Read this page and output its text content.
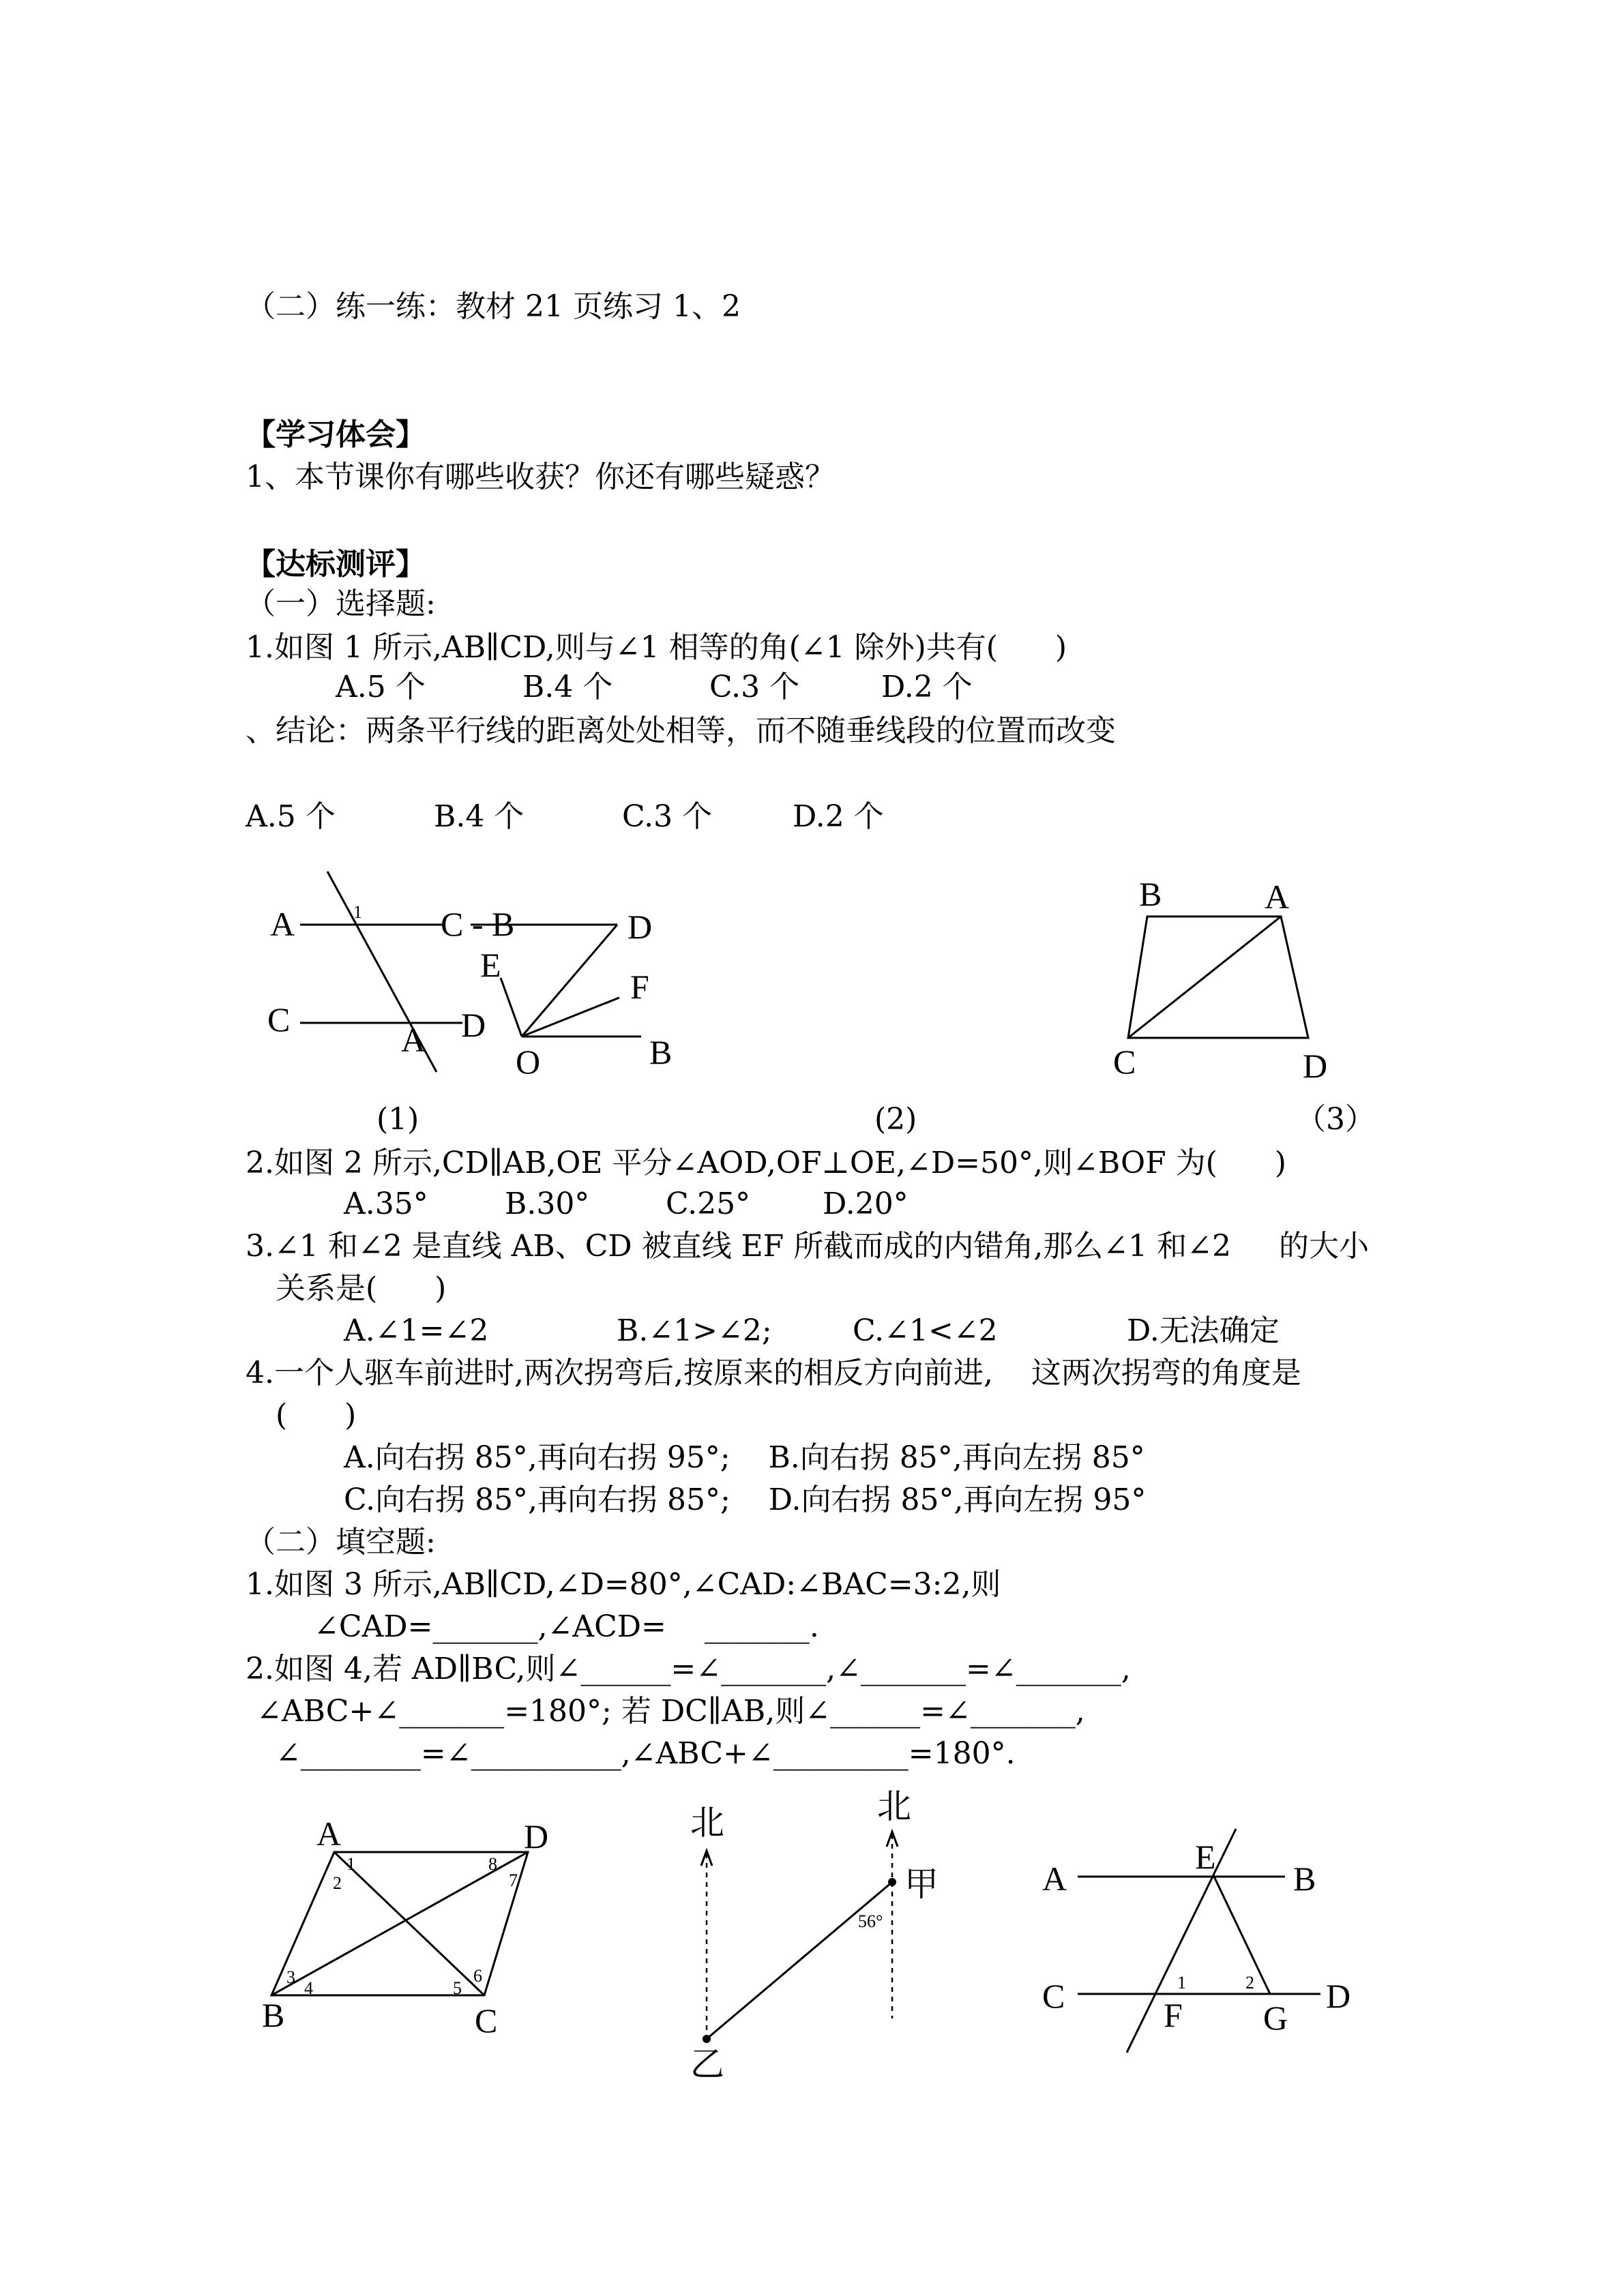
（二）练一练：教材 21 页练习 1、2
【学习体会】
1、本节课你有哪些收获？你还有哪些疑惑？
【达标测评】
（一）选择题:
1.如图 1 所示,AB∥CD,则与∠1 相等的角(∠1 除外)共有(      )
A.5 个	B.4 个	C.3 个	D.2 个
、结论：两条平行线的距离处处相等，而不随垂线段的位置而改变
A.5 个	B.4 个	C.3 个	D.2 个
(1)	(2)	（3）
2.如图 2 所示,CD∥AB,OE 平分∠AOD,OF⊥OE,∠D=50°,则∠BOF 为(      )
A.35°	B.30°	C.25° D.20°
3.∠1 和∠2 是直线 AB、CD 被直线 EF 所截而成的内错角,那么∠1 和∠2     的大小
关系是(      )
A.∠1=∠2	B.∠1>∠2;	C.∠1<∠2	D.无法确定
4.一个人驱车前进时,两次拐弯后,按原来的相反方向前进,    这两次拐弯的角度是
(      )
A.向右拐 85°,再向右拐 95°;    B.向右拐 85°,再向左拐 85°
C.向右拐 85°,再向右拐 85°;    D.向右拐 85°,再向左拐 95°
（二）填空题:
1.如图 3 所示,AB∥CD,∠D=80°,∠CAD:∠BAC=3:2,则
∠CAD=_______,∠ACD=    _______.
2.如图 4,若 AD∥BC,则∠______=∠_______,∠_______=∠_______,
∠ABC+∠_______=180°; 若 DC∥AB,则∠______=∠_______,
∠________=∠__________,∠ABC+∠_________=180°.
A	1
C
A D
C - B	D
E
F
O	B
B	A
C	D
A	D
B	C
1
2
3
4	5
6
7
8
北	北
甲
乙
56°
A	B
C	D
E
F G
1	2
